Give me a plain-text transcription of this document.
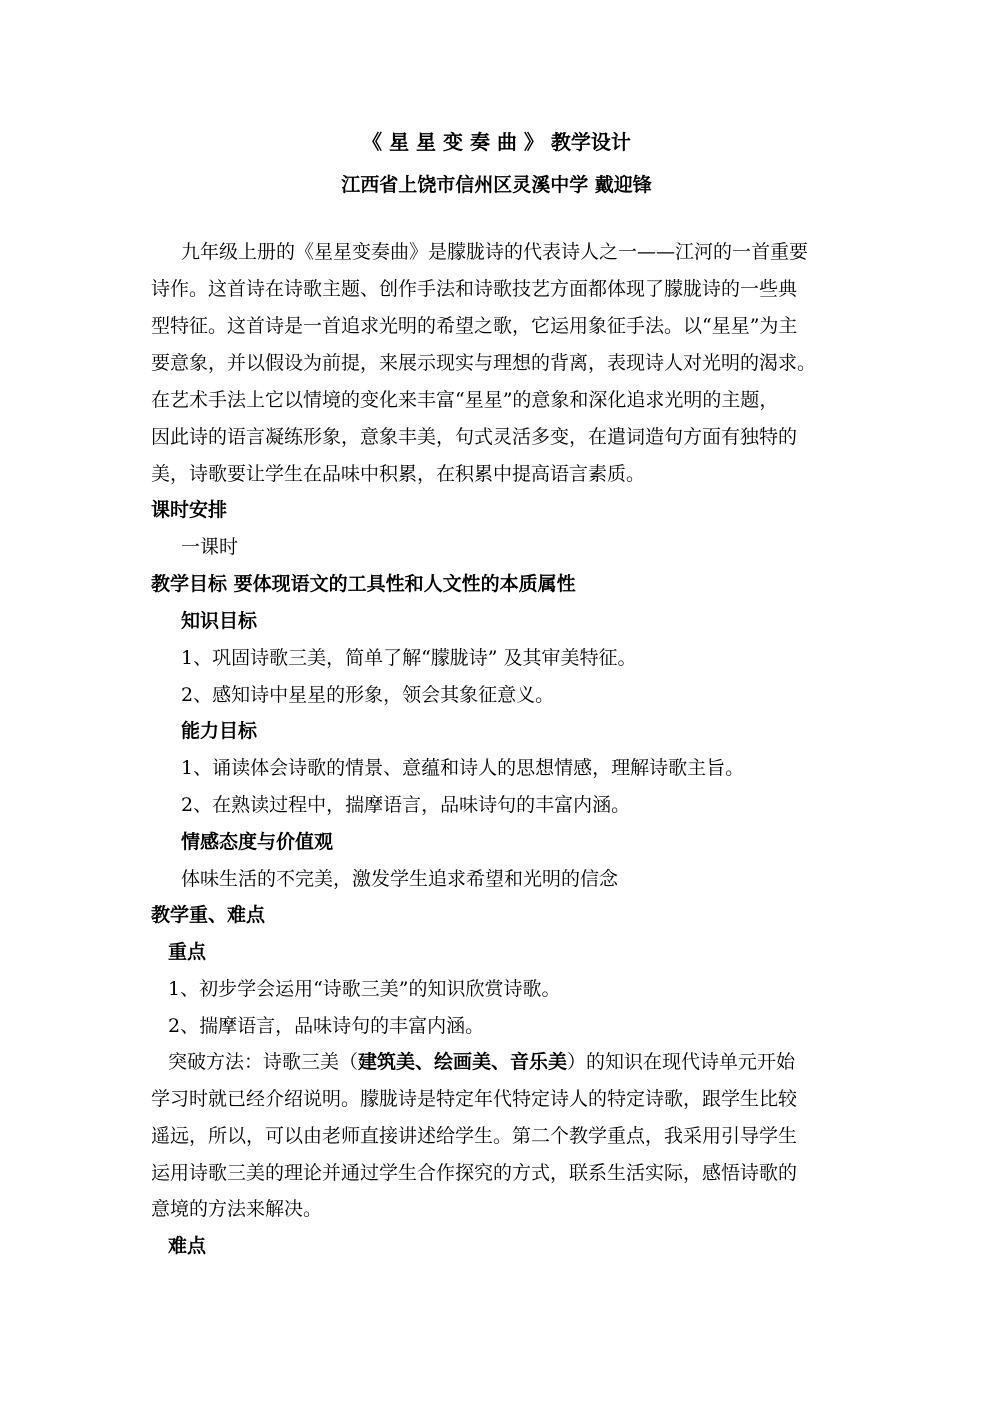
《 星 星 变 奏 曲 》 教学设计

江西省上饶市信州区灵溪中学 戴迎锋

九年级上册的《星星变奏曲》是朦胧诗的代表诗人之一——江河的一首重要

诗作。这首诗在诗歌主题、创作手法和诗歌技艺方面都体现了朦胧诗的一些典

型特征。这首诗是一首追求光明的希望之歌，它运用象征手法。以“星星”为主

要意象，并以假设为前提，来展示现实与理想的背离，表现诗人对光明的渴求。

在艺术手法上它以情境的变化来丰富“星星”的意象和深化追求光明的主题，

因此诗的语言凝练形象，意象丰美，句式灵活多变，在遣词造句方面有独特的

美，诗歌要让学生在品味中积累，在积累中提高语言素质。

课时安排

一课时

教学目标 要体现语文的工具性和人文性的本质属性

知识目标

1、巩固诗歌三美，简单了解“朦胧诗” 及其审美特征。

2、感知诗中星星的形象，领会其象征意义。

能力目标

1、诵读体会诗歌的情景、意蕴和诗人的思想情感，理解诗歌主旨。

2、在熟读过程中，揣摩语言，品味诗句的丰富内涵。

情感态度与价值观

体味生活的不完美，激发学生追求希望和光明的信念

教学重、难点

重点

1、初步学会运用“诗歌三美”的知识欣赏诗歌。

2、揣摩语言，品味诗句的丰富内涵。

突破方法：诗歌三美（建筑美、绘画美、音乐美）的知识在现代诗单元开始

学习时就已经介绍说明。朦胧诗是特定年代特定诗人的特定诗歌，跟学生比较

遥远，所以，可以由老师直接讲述给学生。第二个教学重点，我采用引导学生

运用诗歌三美的理论并通过学生合作探究的方式，联系生活实际，感悟诗歌的

意境的方法来解决。

难点
